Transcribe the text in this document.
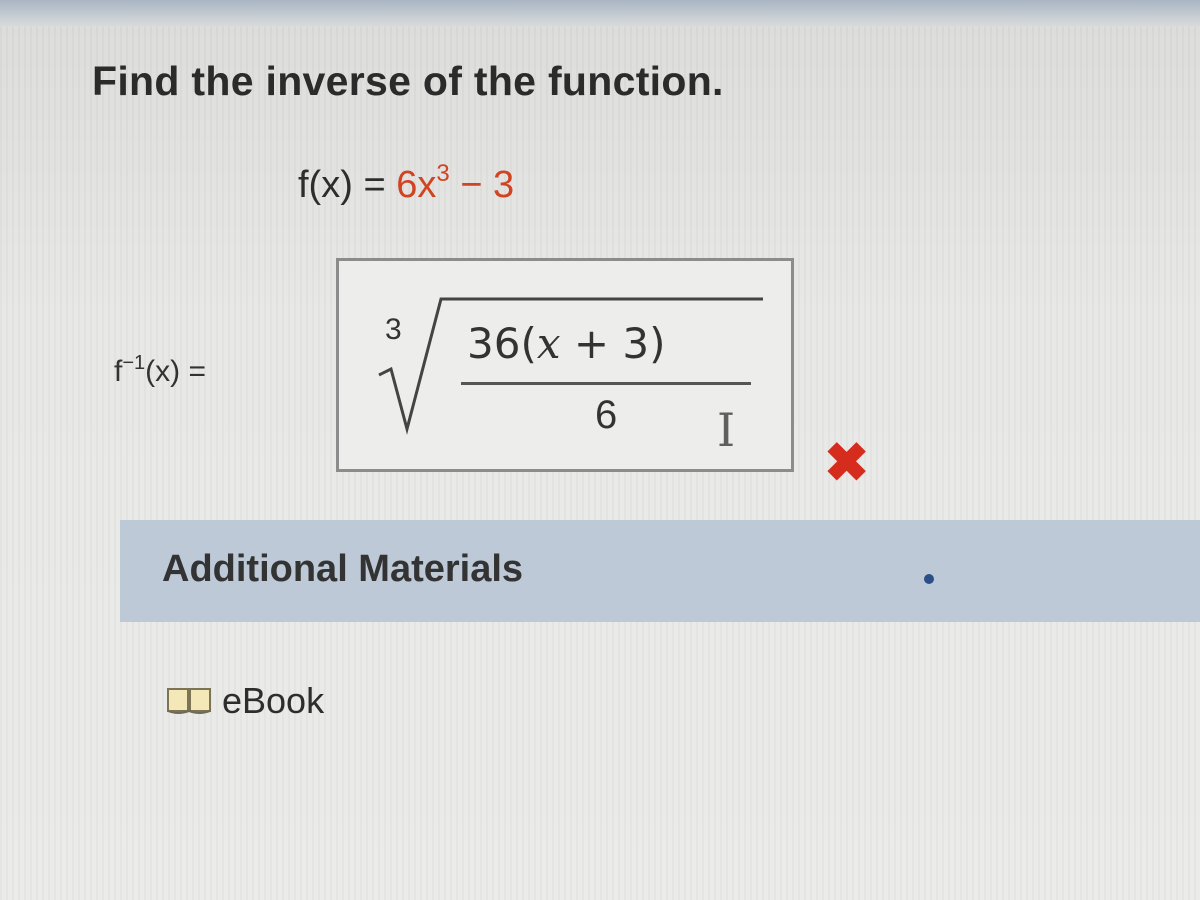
Find the inverse of the function.
$f(x) = 6x^3 - 3$
$f^{-1}(x)$ =
3 36(x + 3)
6 I
✖
Additional Materials
eBook
